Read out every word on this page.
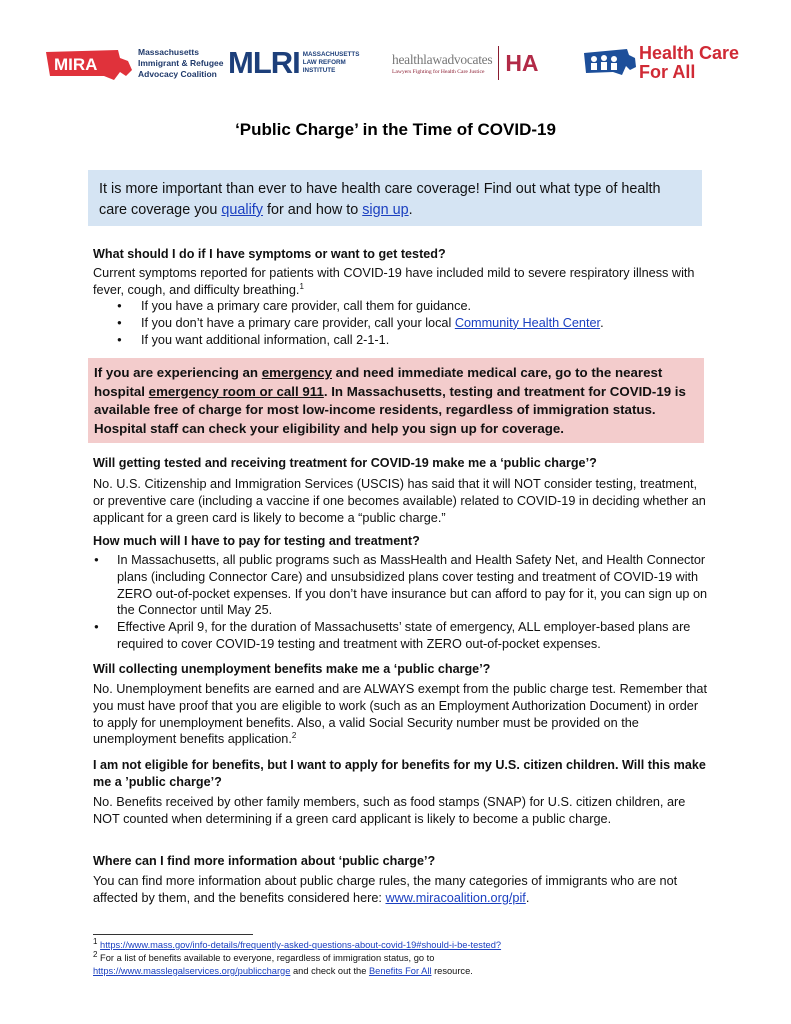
MIRA
Massachusetts
Immigrant & Refugee
Advocacy Coalition MLRI MASSACHUSETTS
LAW REFORM
INSTITUTE
healthlawadvocates
Lawyers Fighting for Health Care Justice HA	Health Care
For All
‘Public Charge’ in the Time of COVID-19
It is more important than ever to have health care coverage! Find out what type of health care coverage you qualify for and how to sign up.
What should I do if I have symptoms or want to get tested?
Current symptoms reported for patients with COVID-19 have included mild to severe respiratory illness with fever, cough, and difficulty breathing.$^1$
● If you have a primary care provider, call them for guidance.
● If you don’t have a primary care provider, call your local Community Health Center.
● If you want additional information, call 2-1-1.
If you are experiencing an emergency and need immediate medical care, go to the nearest hospital emergency room or call 911. In Massachusetts, testing and treatment for COVID-19 is available free of charge for most low-income residents, regardless of immigration status. Hospital staff can check your eligibility and help you sign up for coverage.
Will getting tested and receiving treatment for COVID-19 make me a ‘public charge’?
No. U.S. Citizenship and Immigration Services (USCIS) has said that it will NOT consider testing, treatment, or preventive care (including a vaccine if one becomes available) related to COVID-19 in deciding whether an applicant for a green card is likely to become a “public charge.”
How much will I have to pay for testing and treatment?
● In Massachusetts, all public programs such as MassHealth and Health Safety Net, and Health Connector plans (including Connector Care) and unsubsidized plans cover testing and treatment of COVID-19 with ZERO out-of-pocket expenses. If you don’t have insurance but can afford to pay for it, you can sign up on the Connector until May 25.
● Effective April 9, for the duration of Massachusetts’ state of emergency, ALL employer-based plans are required to cover COVID-19 testing and treatment with ZERO out-of-pocket expenses.
Will collecting unemployment benefits make me a ‘public charge’?
No. Unemployment benefits are earned and are ALWAYS exempt from the public charge test. Remember that you must have proof that you are eligible to work (such as an Employment Authorization Document) in order to apply for unemployment benefits. Also, a valid Social Security number must be provided on the unemployment benefits application.$^2$
I am not eligible for benefits, but I want to apply for benefits for my U.S. citizen children. Will this make me a ’public charge’?
No. Benefits received by other family members, such as food stamps (SNAP) for U.S. citizen children, are NOT counted when determining if a green card applicant is likely to become a public charge.
Where can I find more information about ‘public charge’?
You can find more information about public charge rules, the many categories of immigrants who are not affected by them, and the benefits considered here: www.miracoalition.org/pif.
1 https://www.mass.gov/info-details/frequently-asked-questions-about-covid-19#should-i-be-tested?
2 For a list of benefits available to everyone, regardless of immigration status, go to
https://www.masslegalservices.org/publiccharge and check out the Benefits For All resource.
